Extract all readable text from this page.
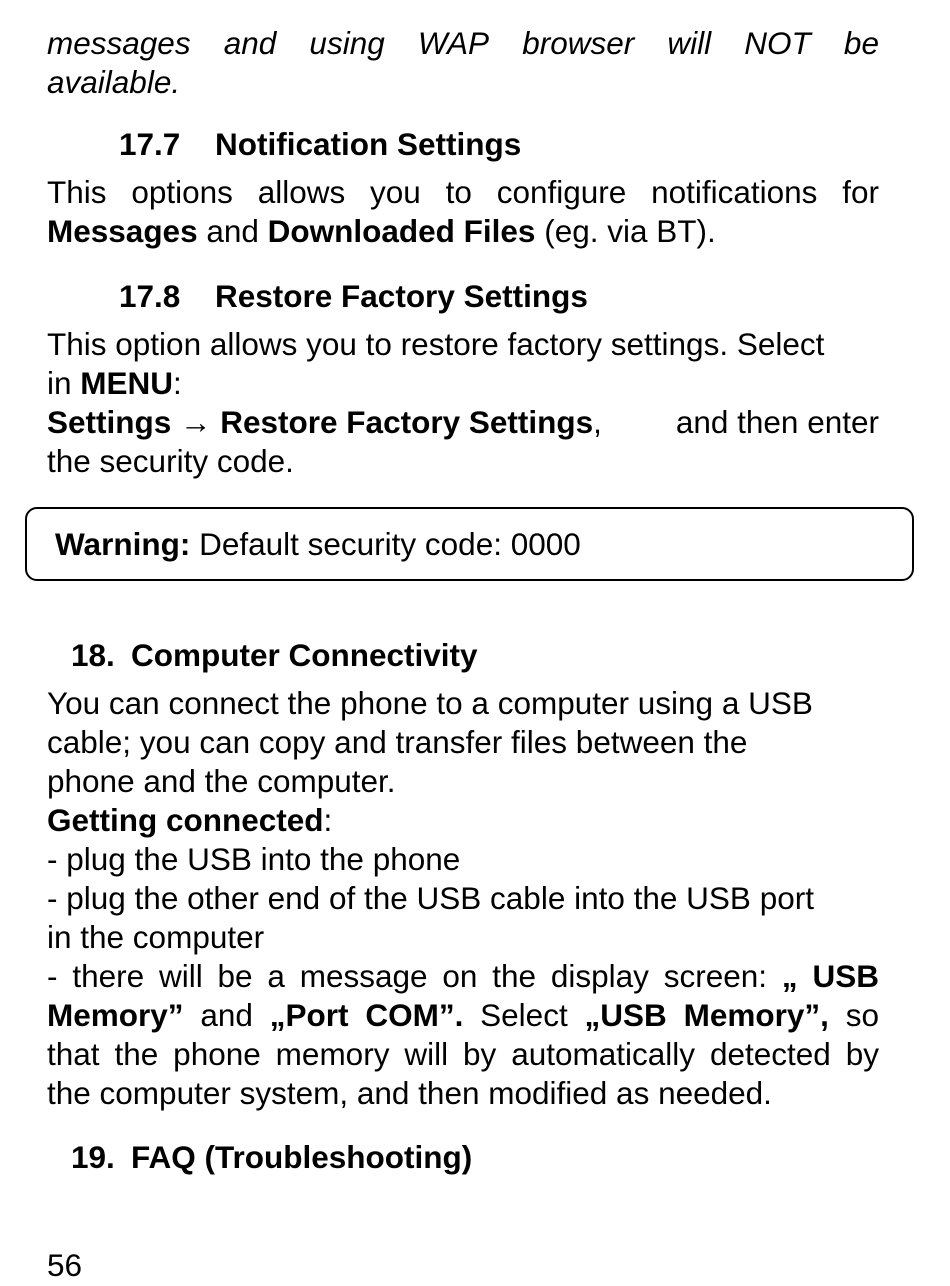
messages and using WAP browser will NOT be

available.

17.7	Notification Settings

This options allows you to configure notifications for

Messages and Downloaded Files (eg. via BT).

17.8	Restore Factory Settings

This option allows you to restore factory settings. Select

in MENU:

Settings → Restore Factory Settings , and then enter

the security code.

18. Computer Connectivity

You can connect the phone to a computer using a USB

cable; you can copy and transfer files between the

phone and the computer.

Getting connected:

- plug the USB into the phone

- plug the other end of the USB cable into the USB port

in the computer

- there will be a message on the display screen: „ USB

Memory” and „Port COM”. Select „USB Memory”, so

that the phone memory will by automatically detected by

the computer system, and then modified as needed.

19. FAQ (Troubleshooting)
Warning: Default security code: 0000
56
